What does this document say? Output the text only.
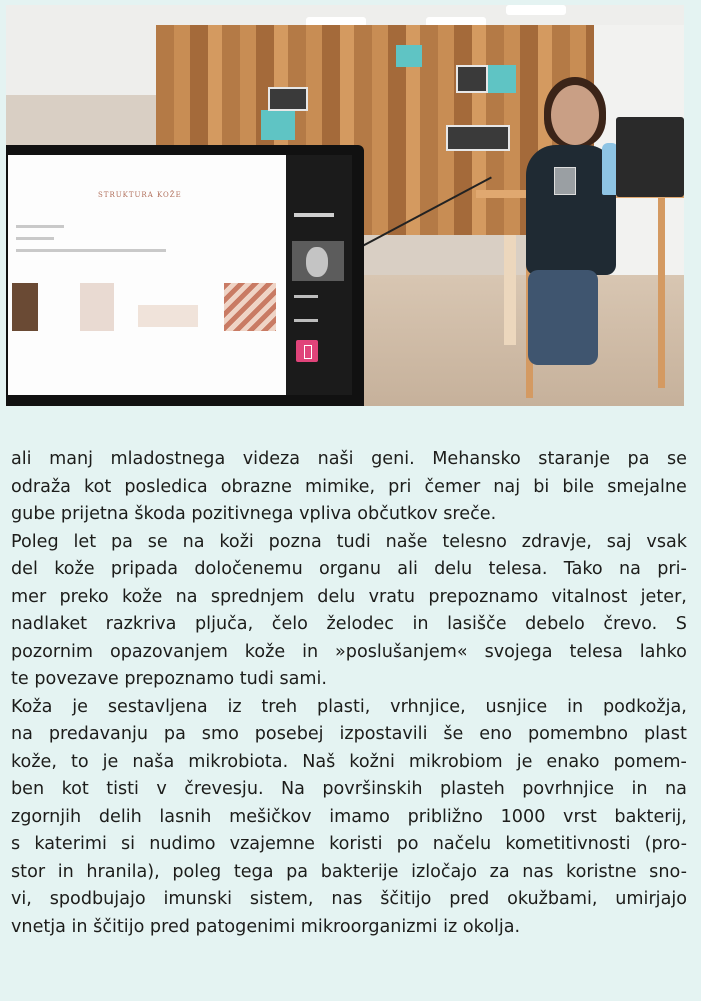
STRUKTURA KOŽE
ali manj mladostnega videza naši geni. Mehansko staranje pa se
odraža kot posledica obrazne mimike, pri čemer naj bi bile smejalne
gube prijetna škoda pozitivnega vpliva občutkov sreče.
Poleg let pa se na koži pozna tudi naše telesno zdravje, saj vsak
del kože pripada določenemu organu ali delu telesa. Tako na pri-
mer preko kože na sprednjem delu vratu prepoznamo vitalnost jeter,
nadlaket razkriva pljuča, čelo želodec in lasišče debelo črevo. S
pozornim opazovanjem kože in »poslušanjem« svojega telesa lahko
te povezave prepoznamo tudi sami.
Koža je sestavljena iz treh plasti, vrhnjice, usnjice in podkožja,
na predavanju pa smo posebej izpostavili še eno pomembno plast
kože, to je naša mikrobiota. Naš kožni mikrobiom je enako pomem-
ben kot tisti v črevesju. Na površinskih plasteh povrhnjice in na
zgornjih delih lasnih mešičkov imamo približno 1000 vrst bakterij,
s katerimi si nudimo vzajemne koristi po načelu kometitivnosti (pro-
stor in hranila), poleg tega pa bakterije izločajo za nas koristne sno-
vi, spodbujajo imunski sistem, nas ščitijo pred okužbami, umirjajo
vnetja in ščitijo pred patogenimi mikroorganizmi iz okolja.
